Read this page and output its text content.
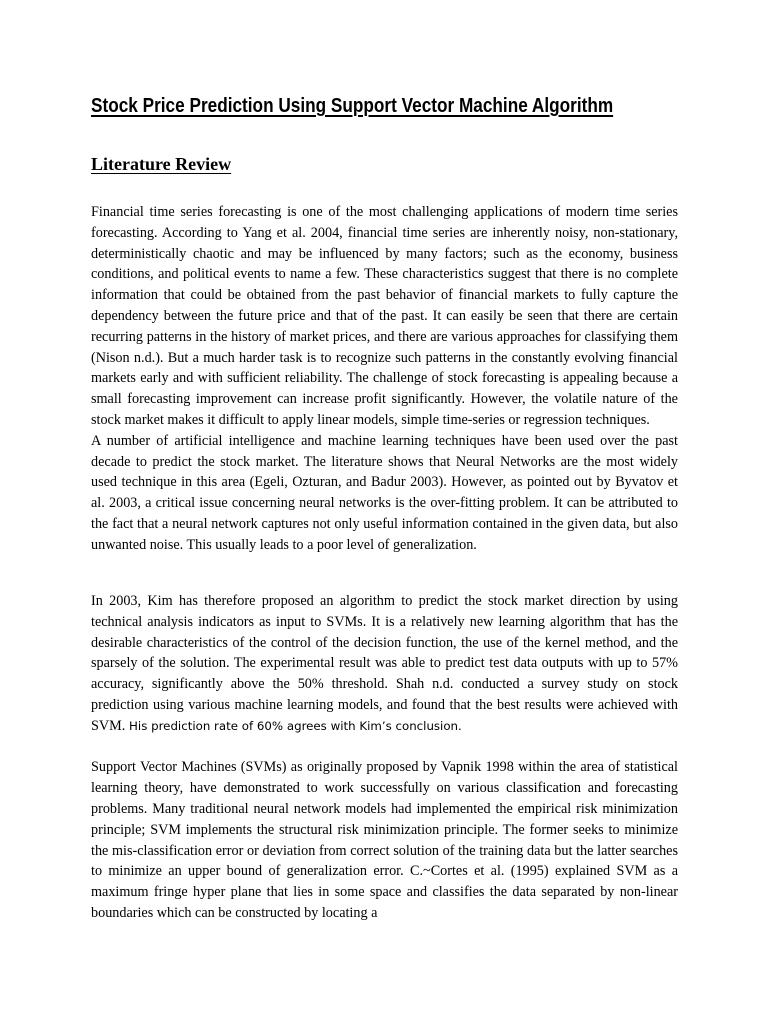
Stock Price Prediction Using Support Vector Machine Algorithm
Literature Review

Financial time series forecasting is one of the most challenging applications of modern time series forecasting. According to Yang et al. 2004, financial time series are inherently noisy, non-stationary, deterministically chaotic and may be influenced by many factors; such as the economy, business conditions, and political events to name a few. These characteristics suggest that there is no complete information that could be obtained from the past behavior of financial markets to fully capture the dependency between the future price and that of the past. It can easily be seen that there are certain recurring patterns in the history of market prices, and there are various approaches for classifying them (Nison n.d.). But a much harder task is to recognize such patterns in the constantly evolving financial markets early and with sufficient reliability. The challenge of stock forecasting is appealing because a small forecasting improvement can increase profit significantly. However, the volatile nature of the stock market makes it difficult to apply linear models, simple time-series or regression techniques.

A number of artificial intelligence and machine learning techniques have been used over the past decade to predict the stock market. The literature shows that Neural Networks are the most widely used technique in this area (Egeli, Ozturan, and Badur 2003). However, as pointed out by Byvatov et al. 2003, a critical issue concerning neural networks is the over-fitting problem. It can be attributed to the fact that a neural network captures not only useful information contained in the given data, but also unwanted noise. This usually leads to a poor level of generalization.

In 2003, Kim has therefore proposed an algorithm to predict the stock market direction by using technical analysis indicators as input to SVMs. It is a relatively new learning algorithm that has the desirable characteristics of the control of the decision function, the use of the kernel method, and the sparsely of the solution. The experimental result was able to predict test data outputs with up to 57% accuracy, significantly above the 50% threshold. Shah n.d. conducted a survey study on stock prediction using various machine learning models, and found that the best results were achieved with SVM. His prediction rate of 60% agrees with Kim’s conclusion.

Support Vector Machines (SVMs) as originally proposed by Vapnik 1998 within the area of statistical learning theory, have demonstrated to work successfully on various classification and forecasting problems. Many traditional neural network models had implemented the empirical risk minimization principle; SVM implements the structural risk minimization principle. The former seeks to minimize the mis-classification error or deviation from correct solution of the training data but the latter searches to minimize an upper bound of generalization error. C.~Cortes et al. (1995) explained SVM as a maximum fringe hyper plane that lies in some space and classifies the data separated by non-linear boundaries which can be constructed by locating a
